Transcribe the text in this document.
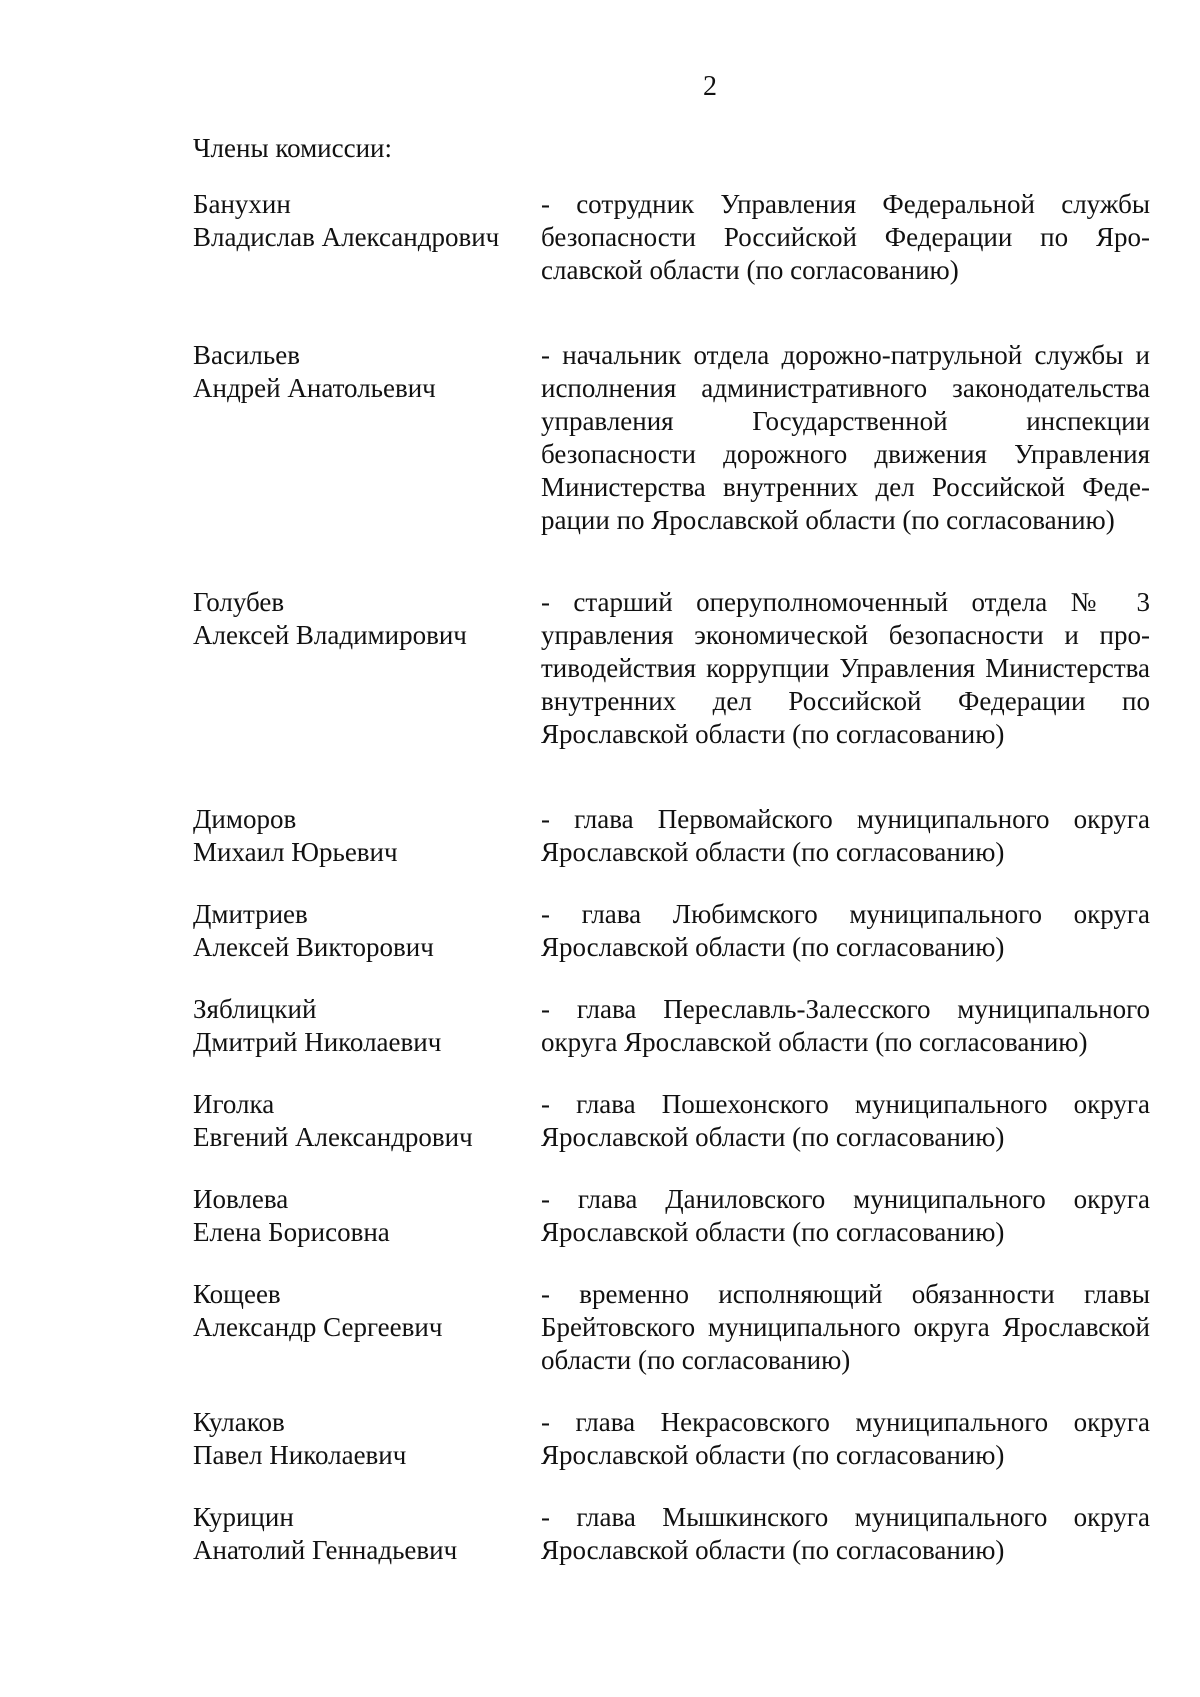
2
Члены комиссии:
Банухин
Владислав Александрович
- сотрудник Управления Федеральной службы безопасности Российской Федерации по Ярославской области (по согласованию)
Васильев
Андрей Анатольевич
- начальник отдела дорожно-патрульной службы и исполнения административного законодательства управления Государственной инспекции безопасности дорожного движения Управления Министерства внутренних дел Российской Федерации по Ярославской области (по согласованию)
Голубев
Алексей Владимирович
- старший оперуполномоченный отдела № 3 управления экономической безопасности и противодействия коррупции Управления Министерства внутренних дел Российской Федерации по Ярославской области (по согласованию)
Диморов
Михаил Юрьевич
- глава Первомайского муниципального округа Ярославской области (по согласованию)
Дмитриев
Алексей Викторович
- глава Любимского муниципального округа Ярославской области (по согласованию)
Зяблицкий
Дмитрий Николаевич
- глава Переславль-Залесского муниципального округа Ярославской области (по согласованию)
Иголка
Евгений Александрович
- глава Пошехонского муниципального округа Ярославской области (по согласованию)
Иовлева
Елена Борисовна
- глава Даниловского муниципального округа Ярославской области (по согласованию)
Кощеев
Александр Сергеевич
- временно исполняющий обязанности главы Брейтовского муниципального округа Ярославской области (по согласованию)
Кулаков
Павел Николаевич
- глава Некрасовского муниципального округа Ярославской области (по согласованию)
Курицин
Анатолий Геннадьевич
- глава Мышкинского муниципального округа Ярославской области (по согласованию)
